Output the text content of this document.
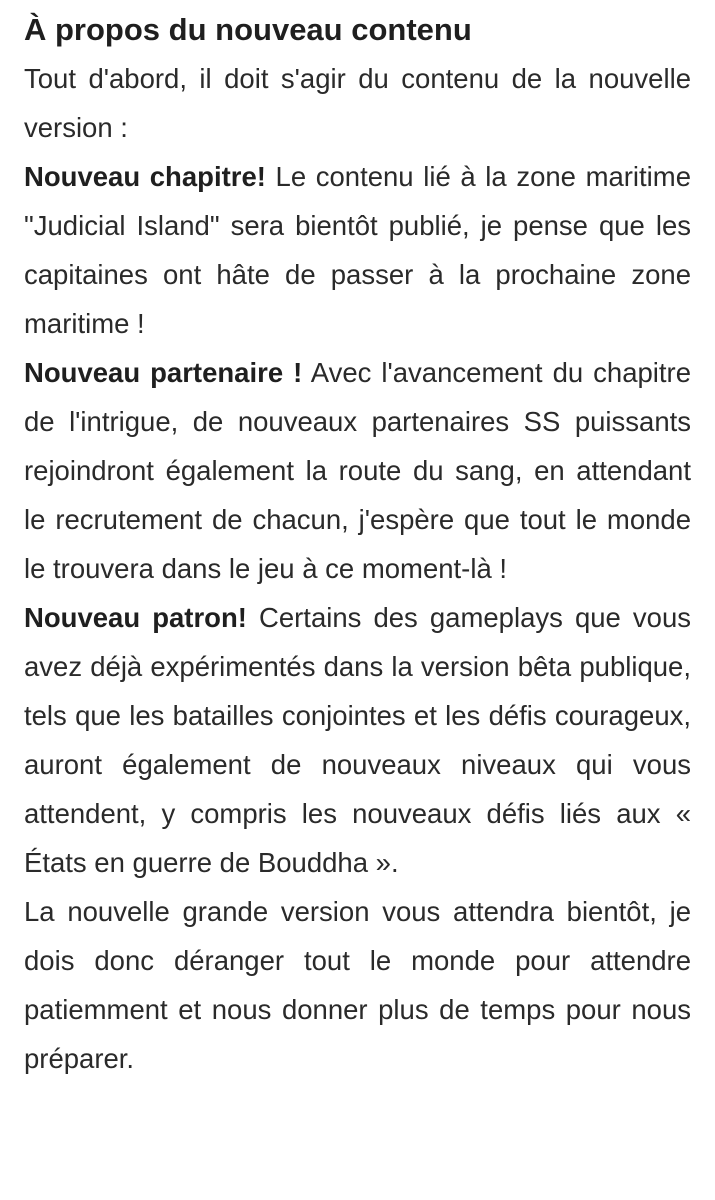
À propos du nouveau contenu

Tout d'abord, il doit s'agir du contenu de la nouvelle version :

Nouveau chapitre! Le contenu lié à la zone maritime "Judicial Island" sera bientôt publié, je pense que les capitaines ont hâte de passer à la prochaine zone maritime !

Nouveau partenaire ! Avec l'avancement du chapitre de l'intrigue, de nouveaux partenaires SS puissants rejoindront également la route du sang, en attendant le recrutement de chacun, j'espère que tout le monde le trouvera dans le jeu à ce moment-là !

Nouveau patron! Certains des gameplays que vous avez déjà expérimentés dans la version bêta publique, tels que les batailles conjointes et les défis courageux, auront également de nouveaux niveaux qui vous attendent, y compris les nouveaux défis liés aux « États en guerre de Bouddha ».

La nouvelle grande version vous attendra bientôt, je dois donc déranger tout le monde pour attendre patiemment et nous donner plus de temps pour nous préparer.
